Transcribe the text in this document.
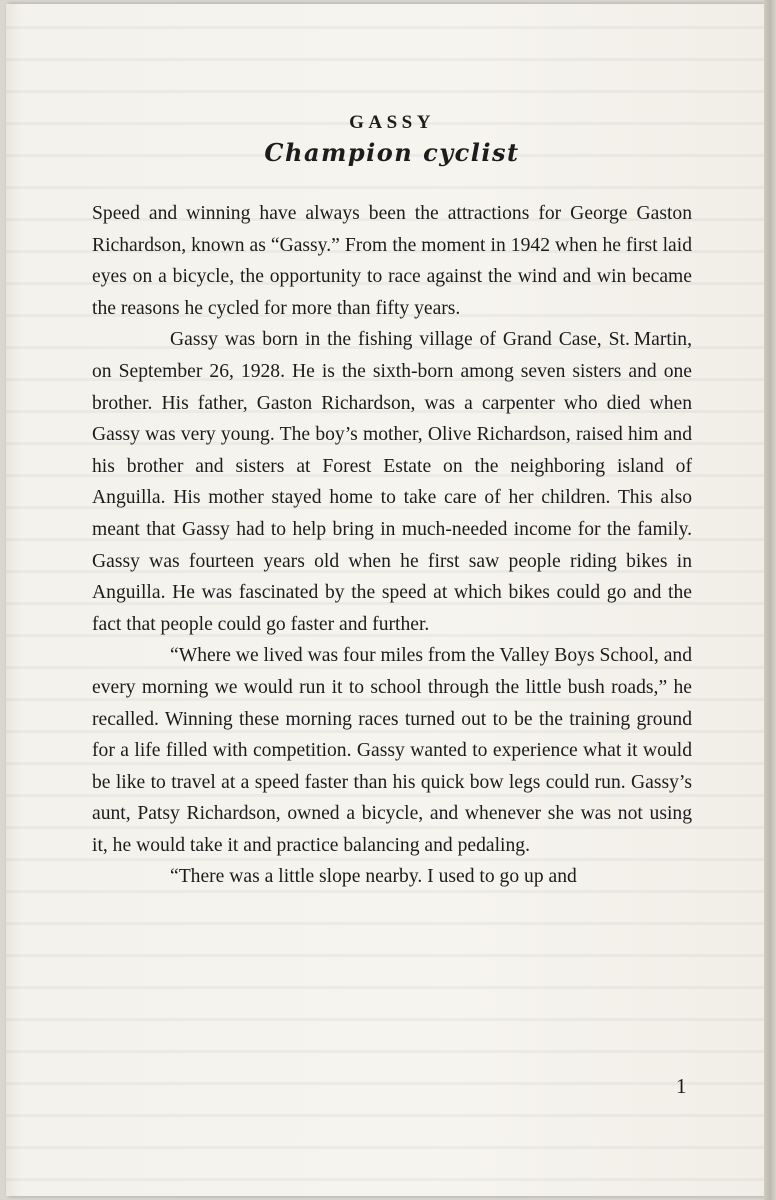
GASSY
Champion cyclist

Speed and winning have always been the attractions for George Gaston Richardson, known as “Gassy.” From the moment in 1942 when he first laid eyes on a bicycle, the opportunity to race against the wind and win became the reasons he cycled for more than fifty years.

Gassy was born in the fishing village of Grand Case, St. Martin, on September 26, 1928. He is the sixth-born among seven sisters and one brother. His father, Gaston Richardson, was a carpenter who died when Gassy was very young. The boy’s mother, Olive Richardson, raised him and his brother and sisters at Forest Estate on the neighboring island of Anguilla. His mother stayed home to take care of her children. This also meant that Gassy had to help bring in much-needed income for the family. Gassy was fourteen years old when he first saw people riding bikes in Anguilla. He was fascinated by the speed at which bikes could go and the fact that people could go faster and further.

“Where we lived was four miles from the Valley Boys School, and every morning we would run it to school through the little bush roads,” he recalled. Winning these morning races turned out to be the training ground for a life filled with competition. Gassy wanted to experience what it would be like to travel at a speed faster than his quick bow legs could run. Gassy’s aunt, Patsy Richardson, owned a bicycle, and whenever she was not using it, he would take it and practice balancing and pedaling.

“There was a little slope nearby. I used to go up and

1
